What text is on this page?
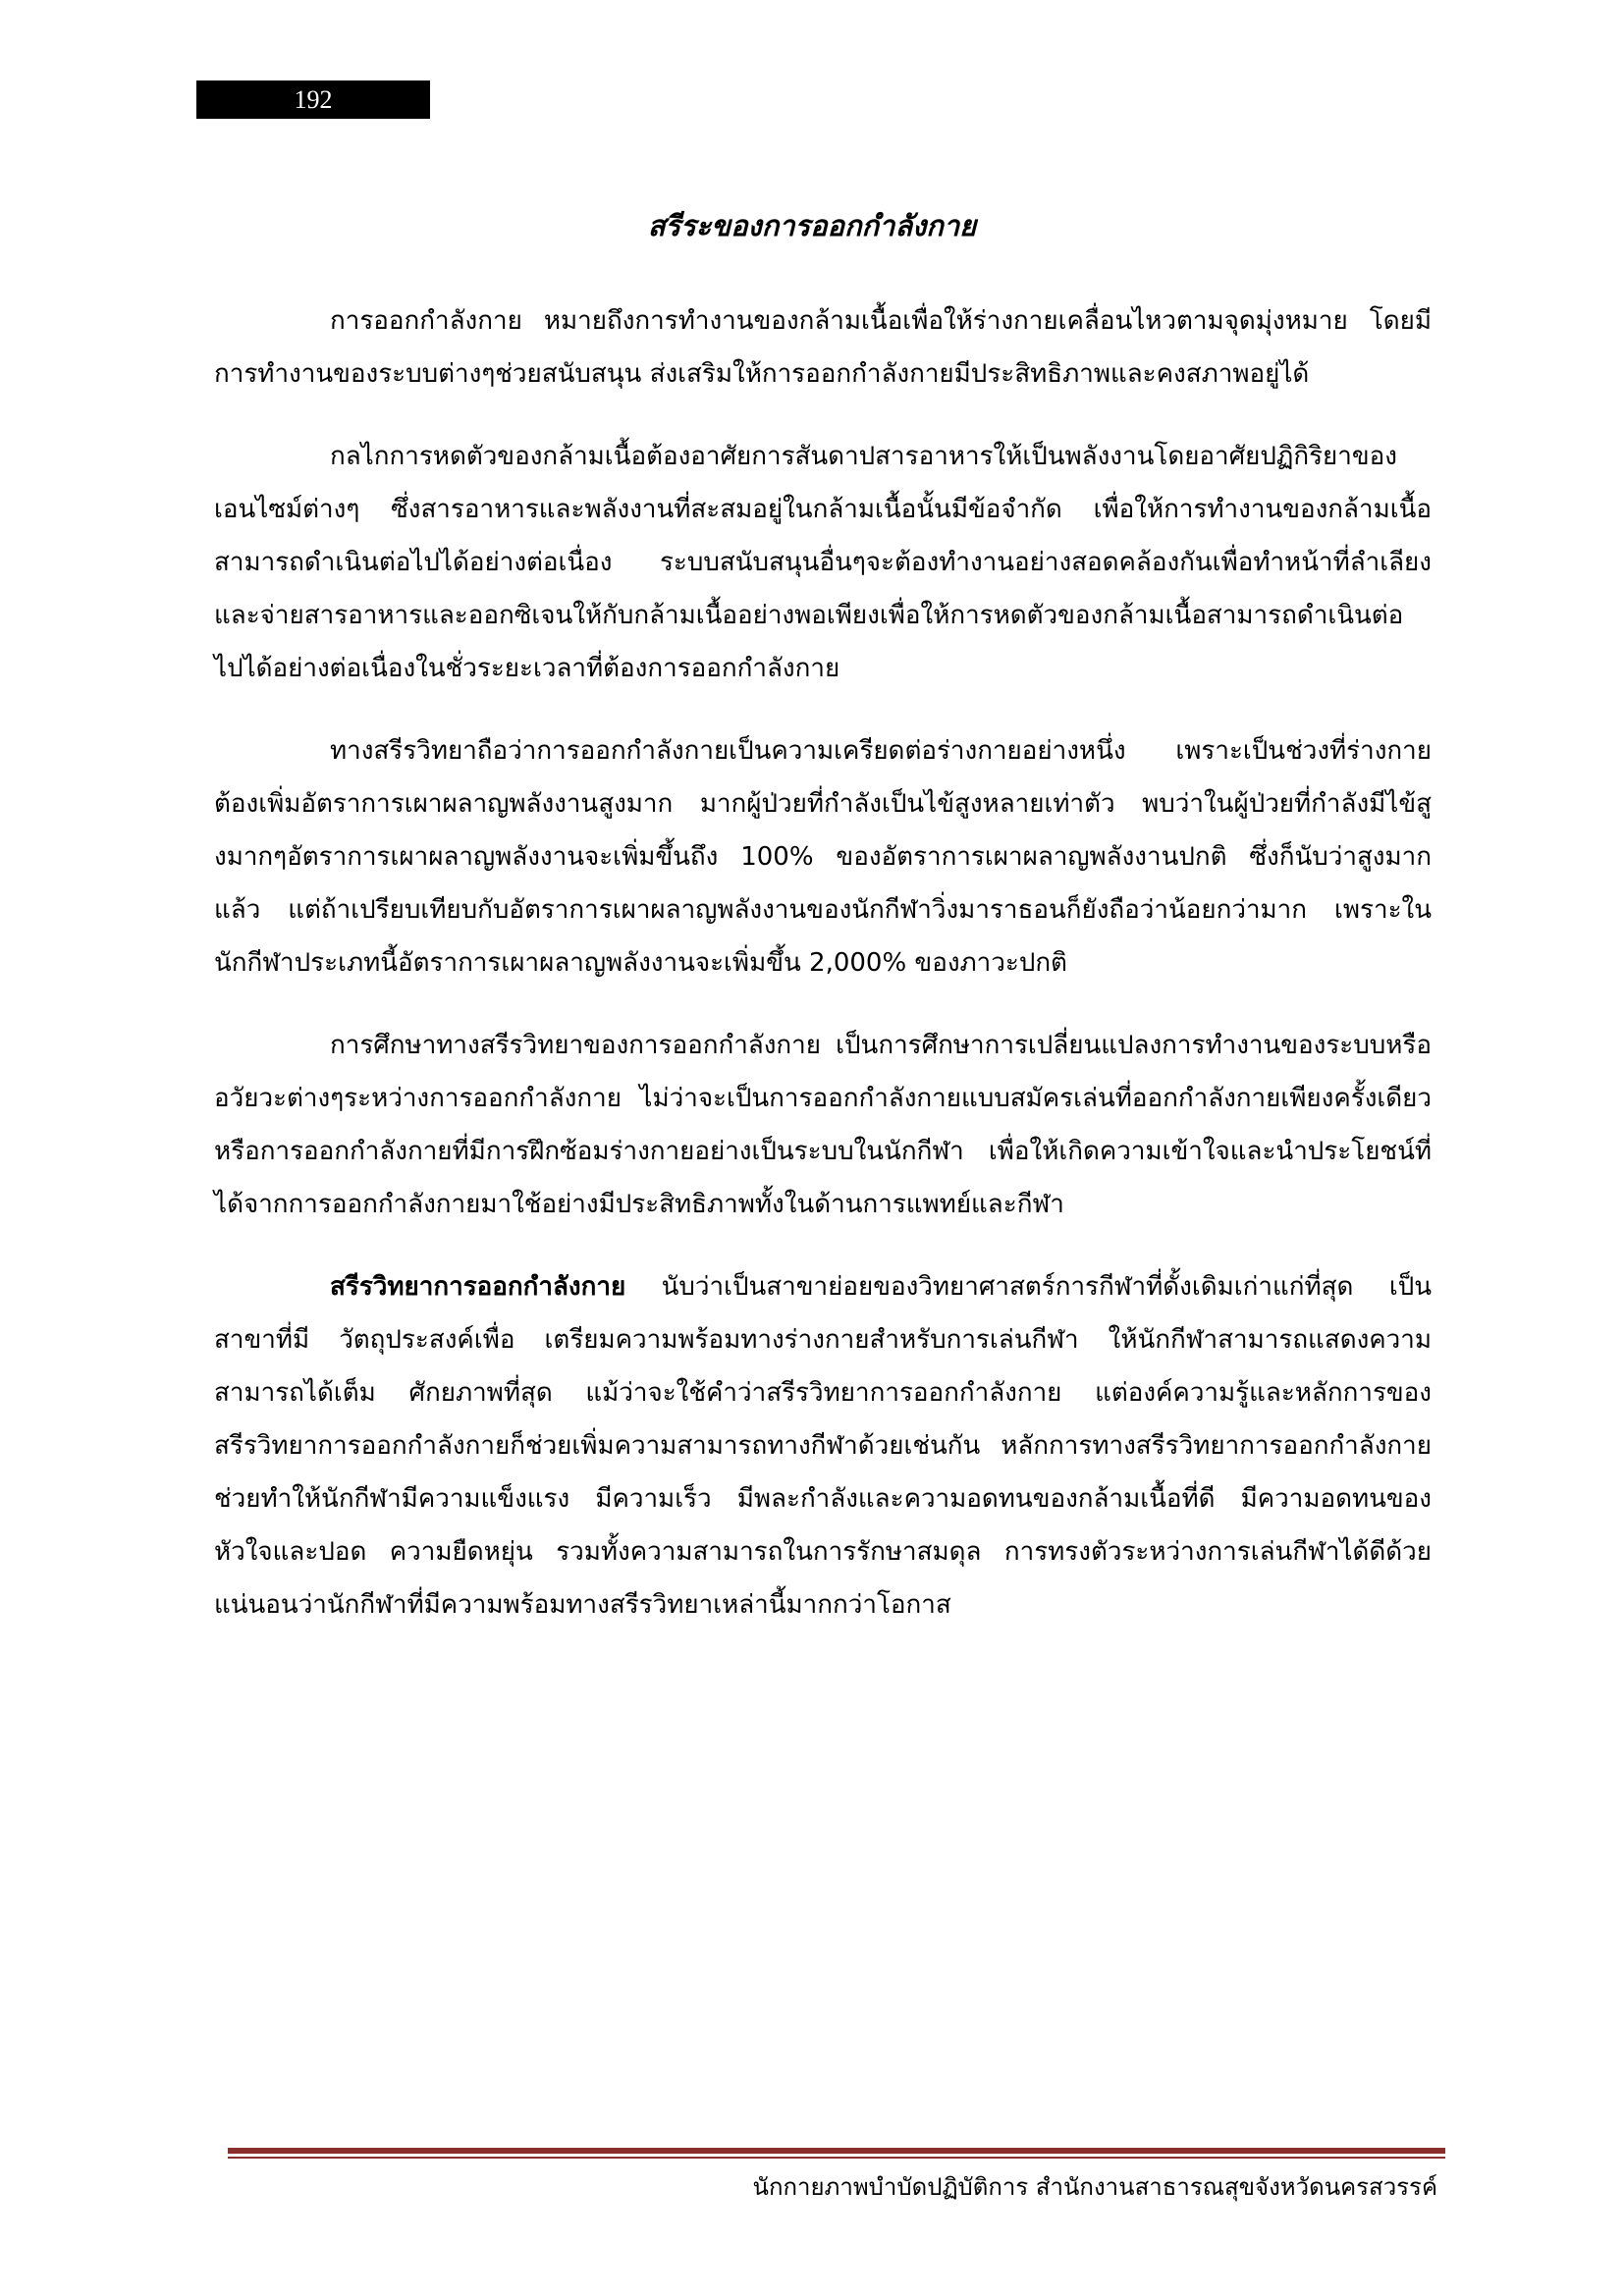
192
สรีระของการออกกำลังกาย

การออกกำลังกาย หมายถึงการทำงานของกล้ามเนื้อเพื่อให้ร่างกายเคลื่อนไหวตามจุดมุ่งหมาย โดยมีการทำงานของระบบต่างๆช่วยสนับสนุน ส่งเสริมให้การออกกำลังกายมีประสิทธิภาพและคงสภาพอยู่ได้

กลไกการหดตัวของกล้ามเนื้อต้องอาศัยการสันดาปสารอาหารให้เป็นพลังงานโดยอาศัยปฏิกิริยาของเอนไซม์ต่างๆ ซึ่งสารอาหารและพลังงานที่สะสมอยู่ในกล้ามเนื้อนั้นมีข้อจำกัด เพื่อให้การทำงานของกล้ามเนื้อสามารถดำเนินต่อไปได้อย่างต่อเนื่อง ระบบสนับสนุนอื่นๆจะต้องทำงานอย่างสอดคล้องกันเพื่อทำหน้าที่ลำเลียงและจ่ายสารอาหารและออกซิเจนให้กับกล้ามเนื้ออย่างพอเพียงเพื่อให้การหดตัวของกล้ามเนื้อสามารถดำเนินต่อไปได้อย่างต่อเนื่องในชั่วระยะเวลาที่ต้องการออกกำลังกาย

ทางสรีรวิทยาถือว่าการออกกำลังกายเป็นความเครียดต่อร่างกายอย่างหนึ่ง เพราะเป็นช่วงที่ร่างกายต้องเพิ่มอัตราการเผาผลาญพลังงานสูงมาก มากผู้ป่วยที่กำลังเป็นไข้สูงหลายเท่าตัว พบว่าในผู้ป่วยที่กำลังมีไข้สูงมากๆอัตราการเผาผลาญพลังงานจะเพิ่มขึ้นถึง 100% ของอัตราการเผาผลาญพลังงานปกติ ซึ่งก็นับว่าสูงมากแล้ว แต่ถ้าเปรียบเทียบกับอัตราการเผาผลาญพลังงานของนักกีฬาวิ่งมาราธอนก็ยังถือว่าน้อยกว่ามาก เพราะในนักกีฬาประเภทนี้อัตราการเผาผลาญพลังงานจะเพิ่มขึ้น 2,000% ของภาวะปกติ

การศึกษาทางสรีรวิทยาของการออกกำลังกาย เป็นการศึกษาการเปลี่ยนแปลงการทำงานของระบบหรืออวัยวะต่างๆระหว่างการออกกำลังกาย ไม่ว่าจะเป็นการออกกำลังกายแบบสมัครเล่นที่ออกกำลังกายเพียงครั้งเดียว หรือการออกกำลังกายที่มีการฝึกซ้อมร่างกายอย่างเป็นระบบในนักกีฬา เพื่อให้เกิดความเข้าใจและนำประโยชน์ที่ได้จากการออกกำลังกายมาใช้อย่างมีประสิทธิภาพทั้งในด้านการแพทย์และกีฬา

สรีรวิทยาการออกกำลังกาย นับว่าเป็นสาขาย่อยของวิทยาศาสตร์การกีฬาที่ดั้งเดิมเก่าแก่ที่สุด เป็นสาขาที่มี วัตถุประสงค์เพื่อ เตรียมความพร้อมทางร่างกายสำหรับการเล่นกีฬา ให้นักกีฬาสามารถแสดงความสามารถได้เต็ม ศักยภาพที่สุด แม้ว่าจะใช้คำว่าสรีรวิทยาการออกกำลังกาย แต่องค์ความรู้และหลักการของสรีรวิทยาการออกกำลังกายก็ช่วยเพิ่มความสามารถทางกีฬาด้วยเช่นกัน หลักการทางสรีรวิทยาการออกกำลังกายช่วยทำให้นักกีฬามีความแข็งแรง มีความเร็ว มีพละกำลังและความอดทนของกล้ามเนื้อที่ดี มีความอดทนของหัวใจและปอด ความยืดหยุ่น รวมทั้งความสามารถในการรักษาสมดุล การทรงตัวระหว่างการเล่นกีฬาได้ดีด้วย แน่นอนว่านักกีฬาที่มีความพร้อมทางสรีรวิทยาเหล่านี้มากกว่าโอกาส

นักกายภาพบำบัดปฏิบัติการ สำนักงานสาธารณสุขจังหวัดนครสวรรค์
